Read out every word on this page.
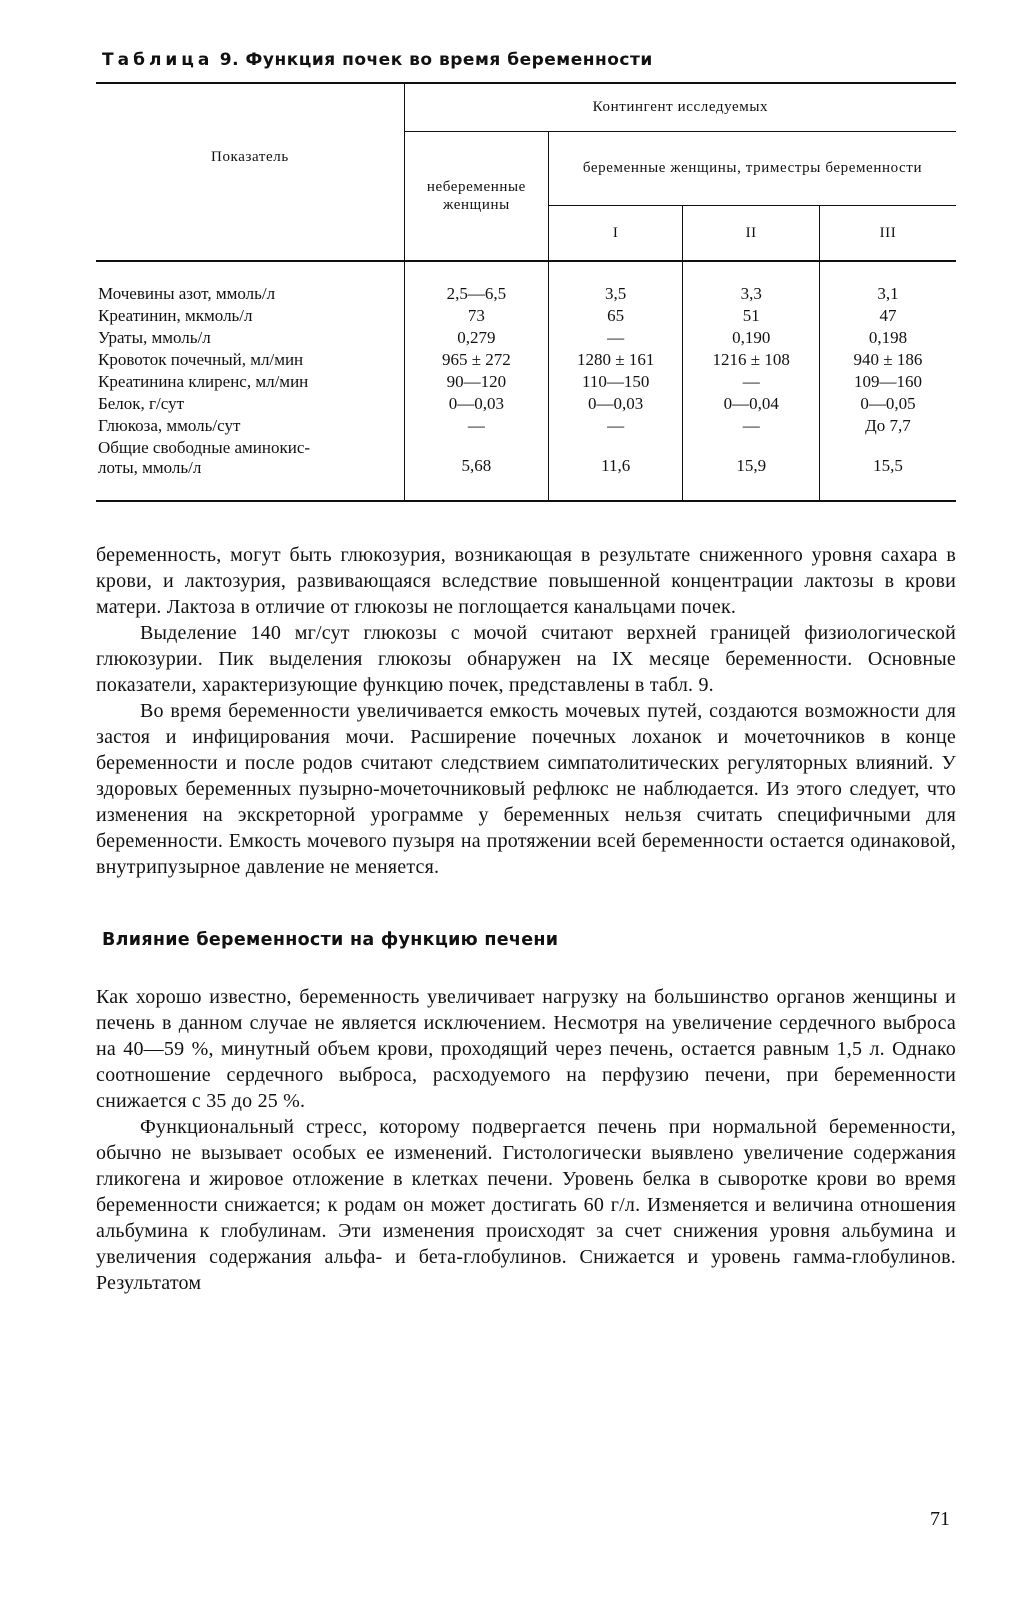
Таблица 9. Функция почек во время беременности
Показатель	Контингент исследуемых			
	небеременные женщины	беременные женщины, триместры беременности		
		I	II	III
Мочевины азот, ммоль/л	2,5—6,5	3,5	3,3	3,1
Креатинин, мкмоль/л	73	65	51	47
Ураты, ммоль/л	0,279	—	0,190	0,198
Кровоток почечный, мл/мин	965 ± 272	1280 ± 161	1216 ± 108	940 ± 186
Креатинина клиренс, мл/мин	90—120	110—150	—	109—160
Белок, г/сут	0—0,03	0—0,03	0—0,04	0—0,05
Глюкоза, ммоль/сут	—	—	—	До 7,7

Общие свободные аминокис-
лоты, ммоль/л	5,68	11,6	15,9	15,5

беременность, могут быть глюкозурия, возникающая в результате сниженного уровня сахара в крови, и лактозурия, развивающаяся вследствие повышенной концентрации лактозы в крови матери. Лактоза в отличие от глюкозы не поглощается канальцами почек.

Выделение 140 мг/сут глюкозы с мочой считают верхней границей физиологической глюкозурии. Пик выделения глюкозы обнаружен на IX месяце беременности. Основные показатели, характеризующие функцию почек, представлены в табл. 9.

Во время беременности увеличивается емкость мочевых путей, создаются возможности для застоя и инфицирования мочи. Расширение почечных лоханок и мочеточников в конце беременности и после родов считают следствием симпатолитических регуляторных влияний. У здоровых беременных пузырно-мочеточниковый рефлюкс не наблюдается. Из этого следует, что изменения на экскреторной урограмме у беременных нельзя считать специфичными для беременности. Емкость мочевого пузыря на протяжении всей беременности остается одинаковой, внутрипузырное давление не меняется.

Влияние беременности на функцию печени

Как хорошо известно, беременность увеличивает нагрузку на большинство органов женщины и печень в данном случае не является исключением. Несмотря на увеличение сердечного выброса на 40—59 %, минутный объем крови, проходящий через печень, остается равным 1,5 л. Однако соотношение сердечного выброса, расходуемого на перфузию печени, при беременности снижается с 35 до 25 %.

Функциональный стресс, которому подвергается печень при нормальной беременности, обычно не вызывает особых ее изменений. Гистологически выявлено увеличение содержания гликогена и жировое отложение в клетках печени. Уровень белка в сыворотке крови во время беременности снижается; к родам он может достигать 60 г/л. Изменяется и величина отношения альбумина к глобулинам. Эти изменения происходят за счет снижения уровня альбумина и увеличения содержания альфа- и бета-глобулинов. Снижается и уровень гамма-глобулинов. Результатом

71
